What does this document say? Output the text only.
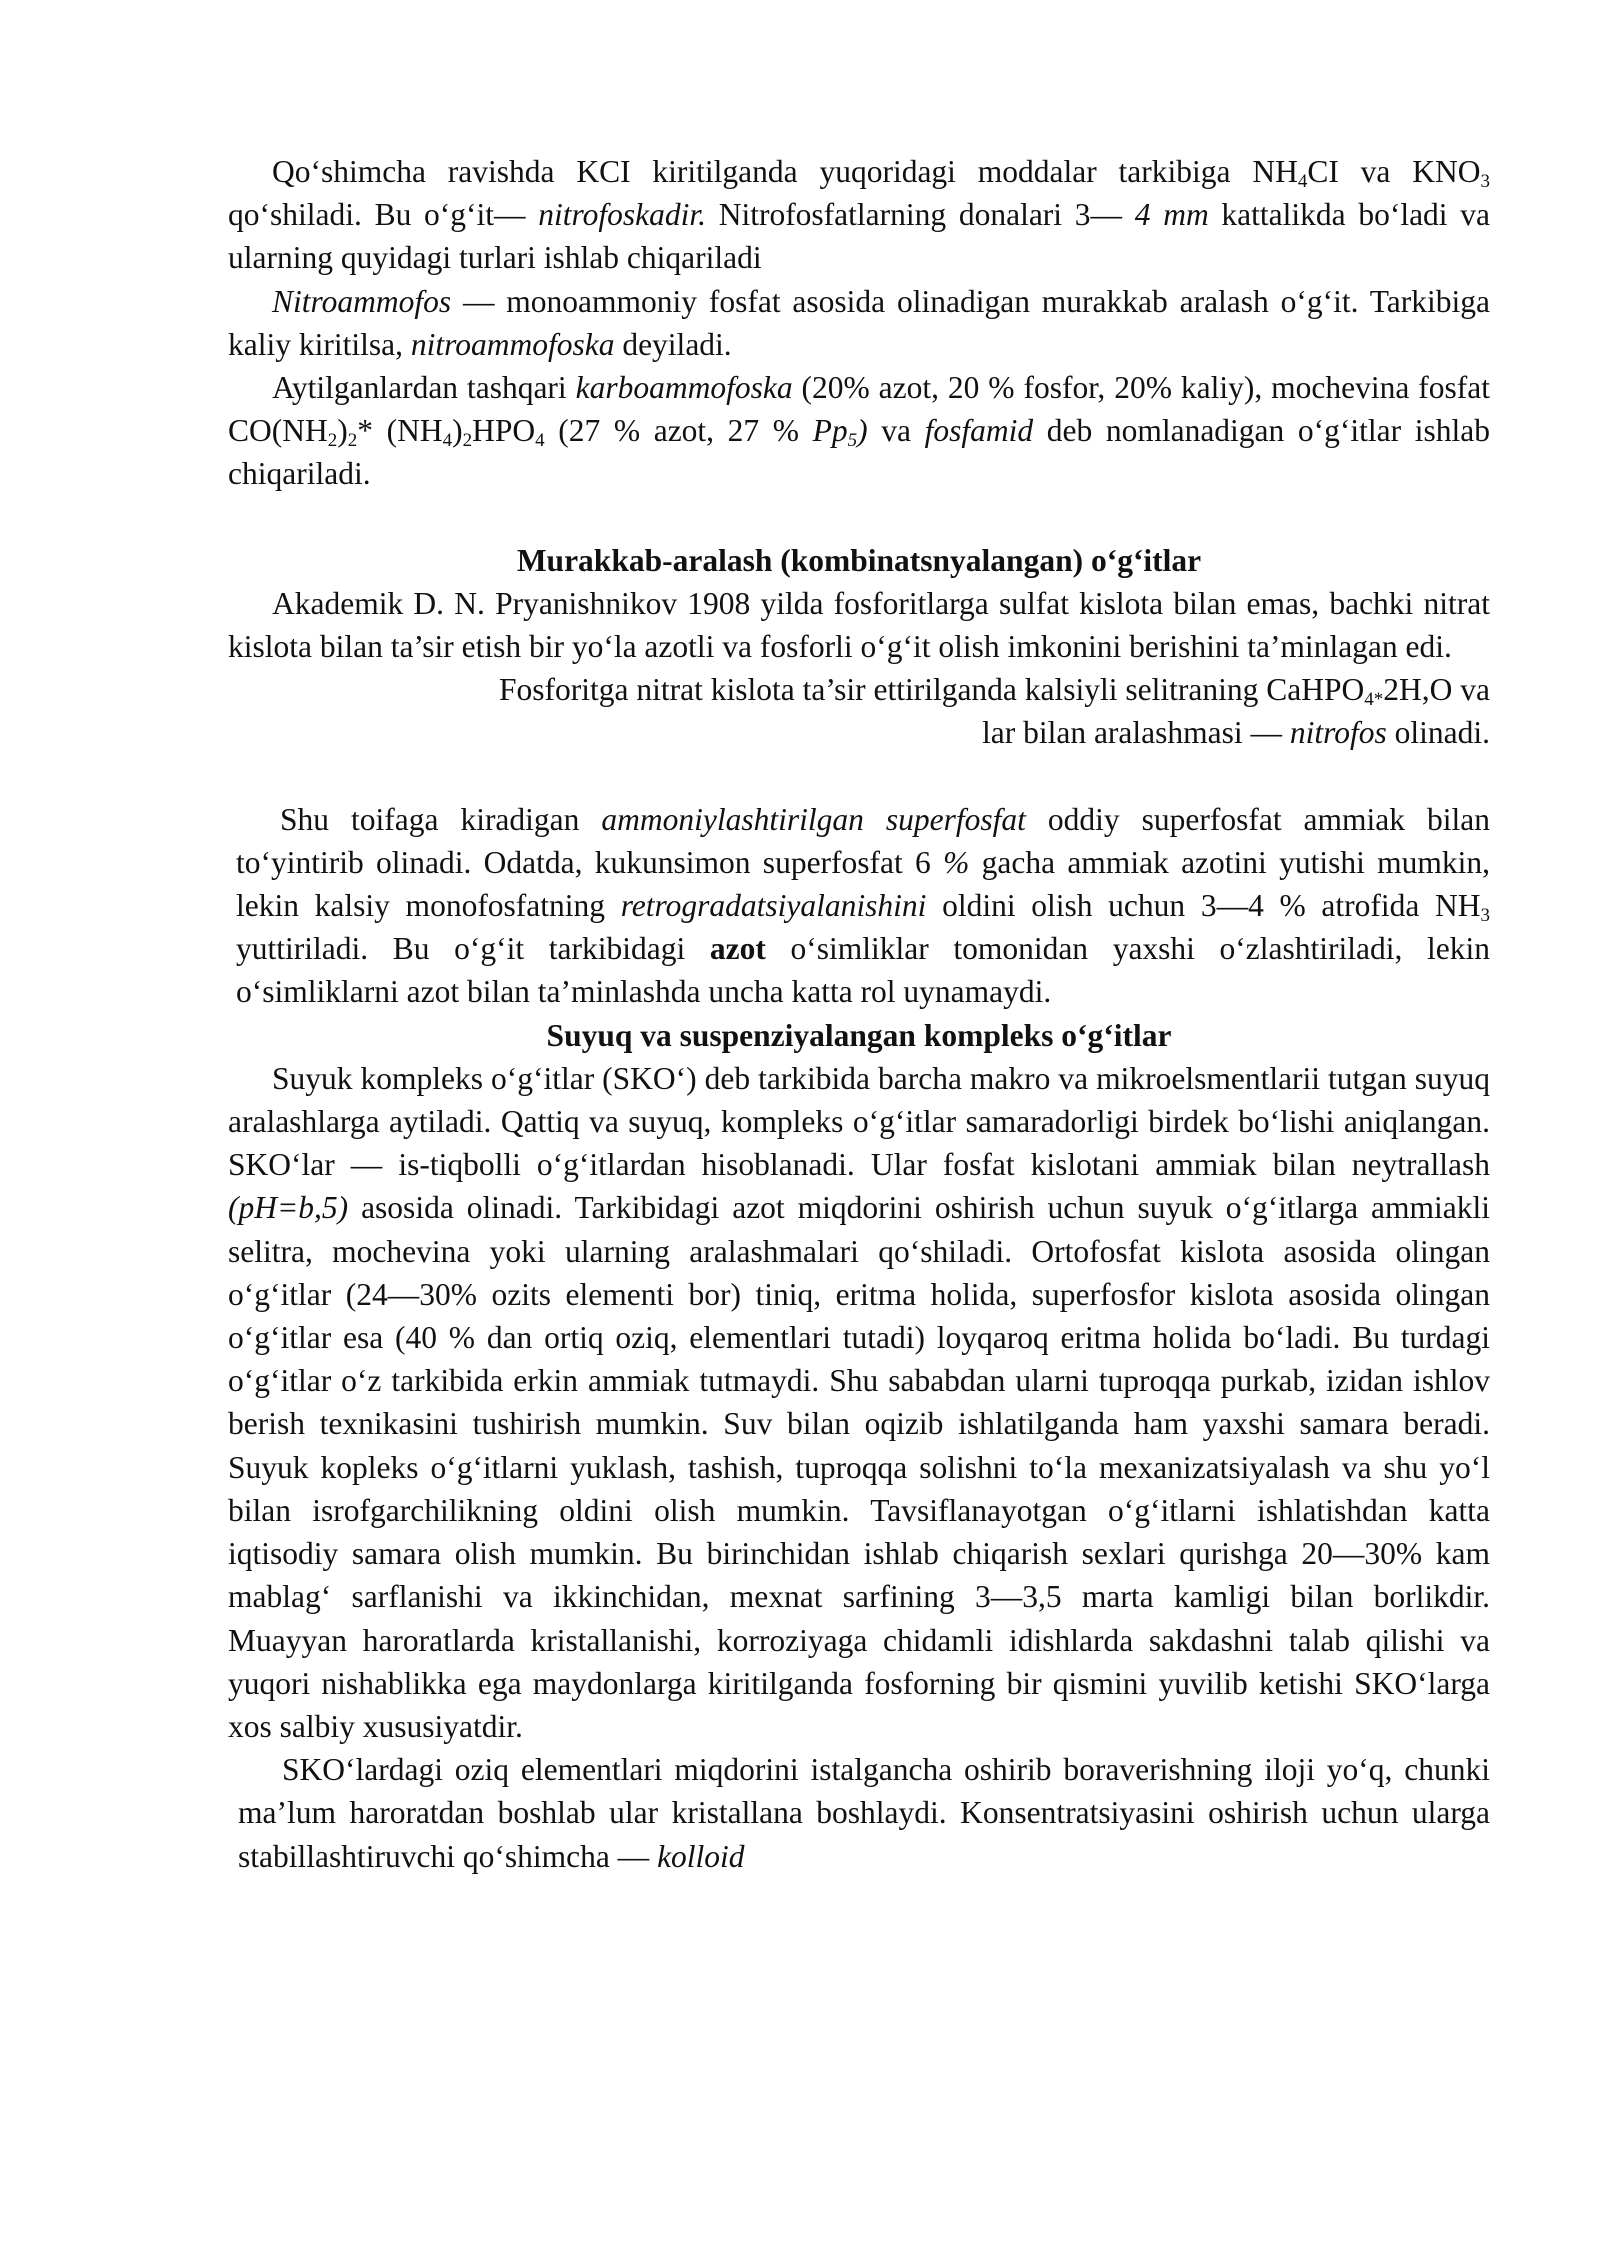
Qo‘shimcha ravishda KCI kiritilganda yuqoridagi moddalar tarkibiga $NH_4CI$ va $KNO_3$ qo‘shiladi. Bu o‘g‘it— nitrofoskadir. Nitrofosfatlarning donalari 3— 4 mm kattalikda bo‘ladi va ularning quyidagi turlari ishlab chiqariladi

Nitroammofos — monoammoniy fosfat asosida olinadigan murakkab aralash o‘g‘it. Tarkibiga kaliy kiritilsa, nitroammofoska deyiladi.

Aytilganlardan tashqari karboammofoska (20% azot, 20 % fosfor, 20% kaliy), mochevina fosfat $CO(NH_2)_2*$ $(NH_4)_2HPO_4$ (27 % azot, 27 % $Pp_5$) va fosfamid deb nomlanadigan o‘g‘itlar ishlab chiqariladi.

Murakkab-aralash (kombinatsnyalangan) o‘g‘itlar

Akademik D. N. Pryanishnikov 1908 yilda fosforitlarga sulfat kislota bilan emas, bachki nitrat kislota bilan ta’sir etish bir yo‘la azotli va fosforli o‘g‘it olish imkonini berishini ta’minlagan edi.

Fosforitga nitrat kislota ta’sir ettirilganda kalsiyli selitraning CaHPO$_{4*}$2H,O va

lar bilan aralashmasi — nitrofos olinadi.

Shu toifaga kiradigan ammoniylashtirilgan superfosfat oddiy superfosfat ammiak bilan to‘yintirib olinadi. Odatda, kukunsimon superfosfat 6 % gacha ammiak azotini yutishi mumkin, lekin kalsiy monofosfatning retrogradatsiyalanishini oldini olish uchun 3—4 % atrofida $NH_3$ yuttiriladi. Bu o‘g‘it tarkibidagi azot o‘simliklar tomonidan yaxshi o‘zlashtiriladi, lekin o‘simliklarni azot bilan ta’minlashda uncha katta rol uynamaydi.

Suyuq va suspenziyalangan kompleks o‘g‘itlar

Suyuk kompleks o‘g‘itlar (SKO‘) deb tarkibida barcha makro va mikroelsmentlarii tutgan suyuq aralashlarga aytiladi. Qattiq va suyuq, kompleks o‘g‘itlar samaradorligi birdek bo‘lishi aniqlangan. SKO‘lar — is-tiqbolli o‘g‘itlardan hisoblanadi. Ular fosfat kislotani ammiak bilan neytrallash (pH=b,5) asosida olinadi. Tarkibidagi azot miqdorini oshirish uchun suyuk o‘g‘itlarga ammiakli selitra, mochevina yoki ularning aralashmalari qo‘shiladi. Ortofosfat kislota asosida olingan o‘g‘itlar (24—30% ozits elementi bor) tiniq, eritma holida, superfosfor kislota asosida olingan o‘g‘itlar esa (40 % dan ortiq oziq, elementlari tutadi) loyqaroq eritma holida bo‘ladi. Bu turdagi o‘g‘itlar o‘z tarkibida erkin ammiak tutmaydi. Shu sababdan ularni tuproqqa purkab, izidan ishlov berish texnikasini tushirish mumkin. Suv bilan oqizib ishlatilganda ham yaxshi samara beradi. Suyuk kopleks o‘g‘itlarni yuklash, tashish, tuproqqa solishni to‘la mexanizatsiyalash va shu yo‘l bilan isrofgarchilikning oldini olish mumkin. Tavsiflanayotgan o‘g‘itlarni ishlatishdan katta iqtisodiy samara olish mumkin. Bu birinchidan ishlab chiqarish sexlari qurishga 20—30% kam mablag‘ sarflanishi va ikkinchidan, mexnat sarfining 3—3,5 marta kamligi bilan borlikdir. Muayyan haroratlarda kristallanishi, korroziyaga chidamli idishlarda sakdashni talab qilishi va yuqori nishablikka ega maydonlarga kiritilganda fosforning bir qismini yuvilib ketishi SKO‘larga xos salbiy xususiyatdir.

SKO‘lardagi oziq elementlari miqdorini istalgancha oshirib boraverishning iloji yo‘q, chunki ma’lum haroratdan boshlab ular kristallana boshlaydi. Konsentratsiyasini oshirish uchun ularga stabillashtiruvchi qo‘shimcha — kolloid
